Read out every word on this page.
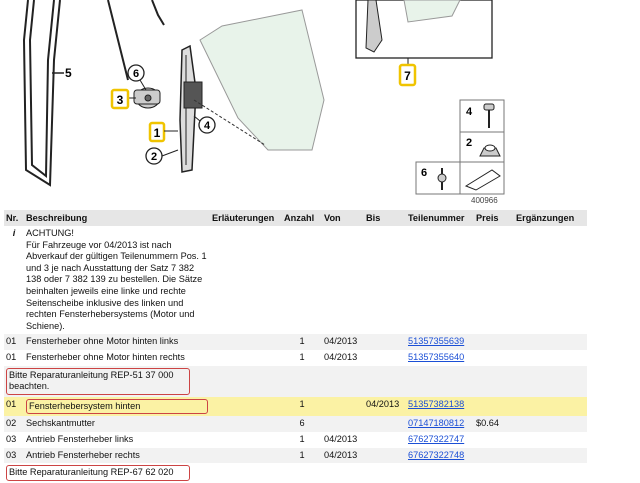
5	6
3
1	4
2
7
4
2
6
400966
Nr.	Beschreibung	Erläuterungen	Anzahl	Von	Bis	Teilenummer	Preis	Ergänzungen
i	ACHTUNG!
Für Fahrzeuge vor 04/2013 ist nach Abverkauf der gültigen Teilenummern Pos. 1 und 3 je nach Ausstattung der Satz 7 382 138 oder 7 382 139 zu bestellen. Die Sätze beinhalten jeweils eine linke und rechte Seitenscheibe inklusive des linken und rechten Fensterhebersystems (Motor und Schiene).							

01	Fensterheber ohne Motor hinten links		1	04/2013		51357355639		
01	Fensterheber ohne Motor hinten rechts		1	04/2013		51357355640		

Bitte Reparaturanleitung REP-51 37 000 beachten.								

01	Fensterhebersystem hinten		1		04/2013	51357382138		
02	Sechskantmutter		6			07147180812	$0.64	
03	Antrieb Fensterheber links		1	04/2013		67627322747		
03	Antrieb Fensterheber rechts		1	04/2013		67627322748		

Bitte Reparaturanleitung REP-67 62 020								
